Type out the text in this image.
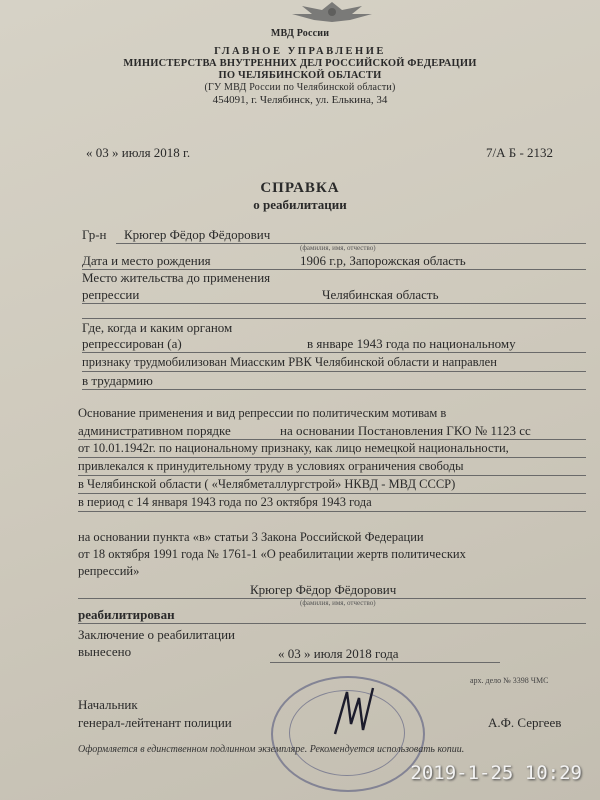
МВД России
ГЛАВНОЕ УПРАВЛЕНИЕ
МИНИСТЕРСТВА ВНУТРЕННИХ ДЕЛ РОССИЙСКОЙ ФЕДЕРАЦИИ
ПО ЧЕЛЯБИНСКОЙ ОБЛАСТИ
(ГУ МВД России по Челябинской области)
454091, г. Челябинск, ул. Елькина, 34
« 03 » июля 2018 г.	7/А Б - 2132
СПРАВКА
о реабилитации
Гр-н Крюгер Фёдор Фёдорович
(фамилия, имя, отчество)
Дата и место рождения	1906 г.р, Запорожская область
Место жительства до применения
репрессии	Челябинская область
Где, когда и каким органом
репрессирован (а)	в январе 1943 года по национальному
признаку трудмобилизован Миасским РВК Челябинской области и направлен
в трудармию
Основание применения и вид репрессии по политическим мотивам в
административном порядке	на основании Постановления ГКО № 1123 сс
от 10.01.1942г. по национальному признаку, как лицо немецкой национальности,
привлекался к принудительному труду в условиях ограничения свободы
в Челябинской области ( «Челябметаллургстрой» НКВД - МВД СССР)
в период с 14 января 1943 года по 23 октября 1943 года
на основании пункта «в» статьи 3 Закона Российской Федерации
от 18 октября 1991 года № 1761-1 «О реабилитации жертв политических
репрессий»
Крюгер Фёдор Фёдорович
(фамилия, имя, отчество)
реабилитирован
Заключение о реабилитации
вынесено	« 03 » июля 2018 года
арх. дело № 3398 ЧМС
Начальник
генерал-лейтенант полиции	А.Ф. Сергеев
Оформляется в единственном подлинном экземпляре. Рекомендуется использовать копии.
2019-1-25 10:29
